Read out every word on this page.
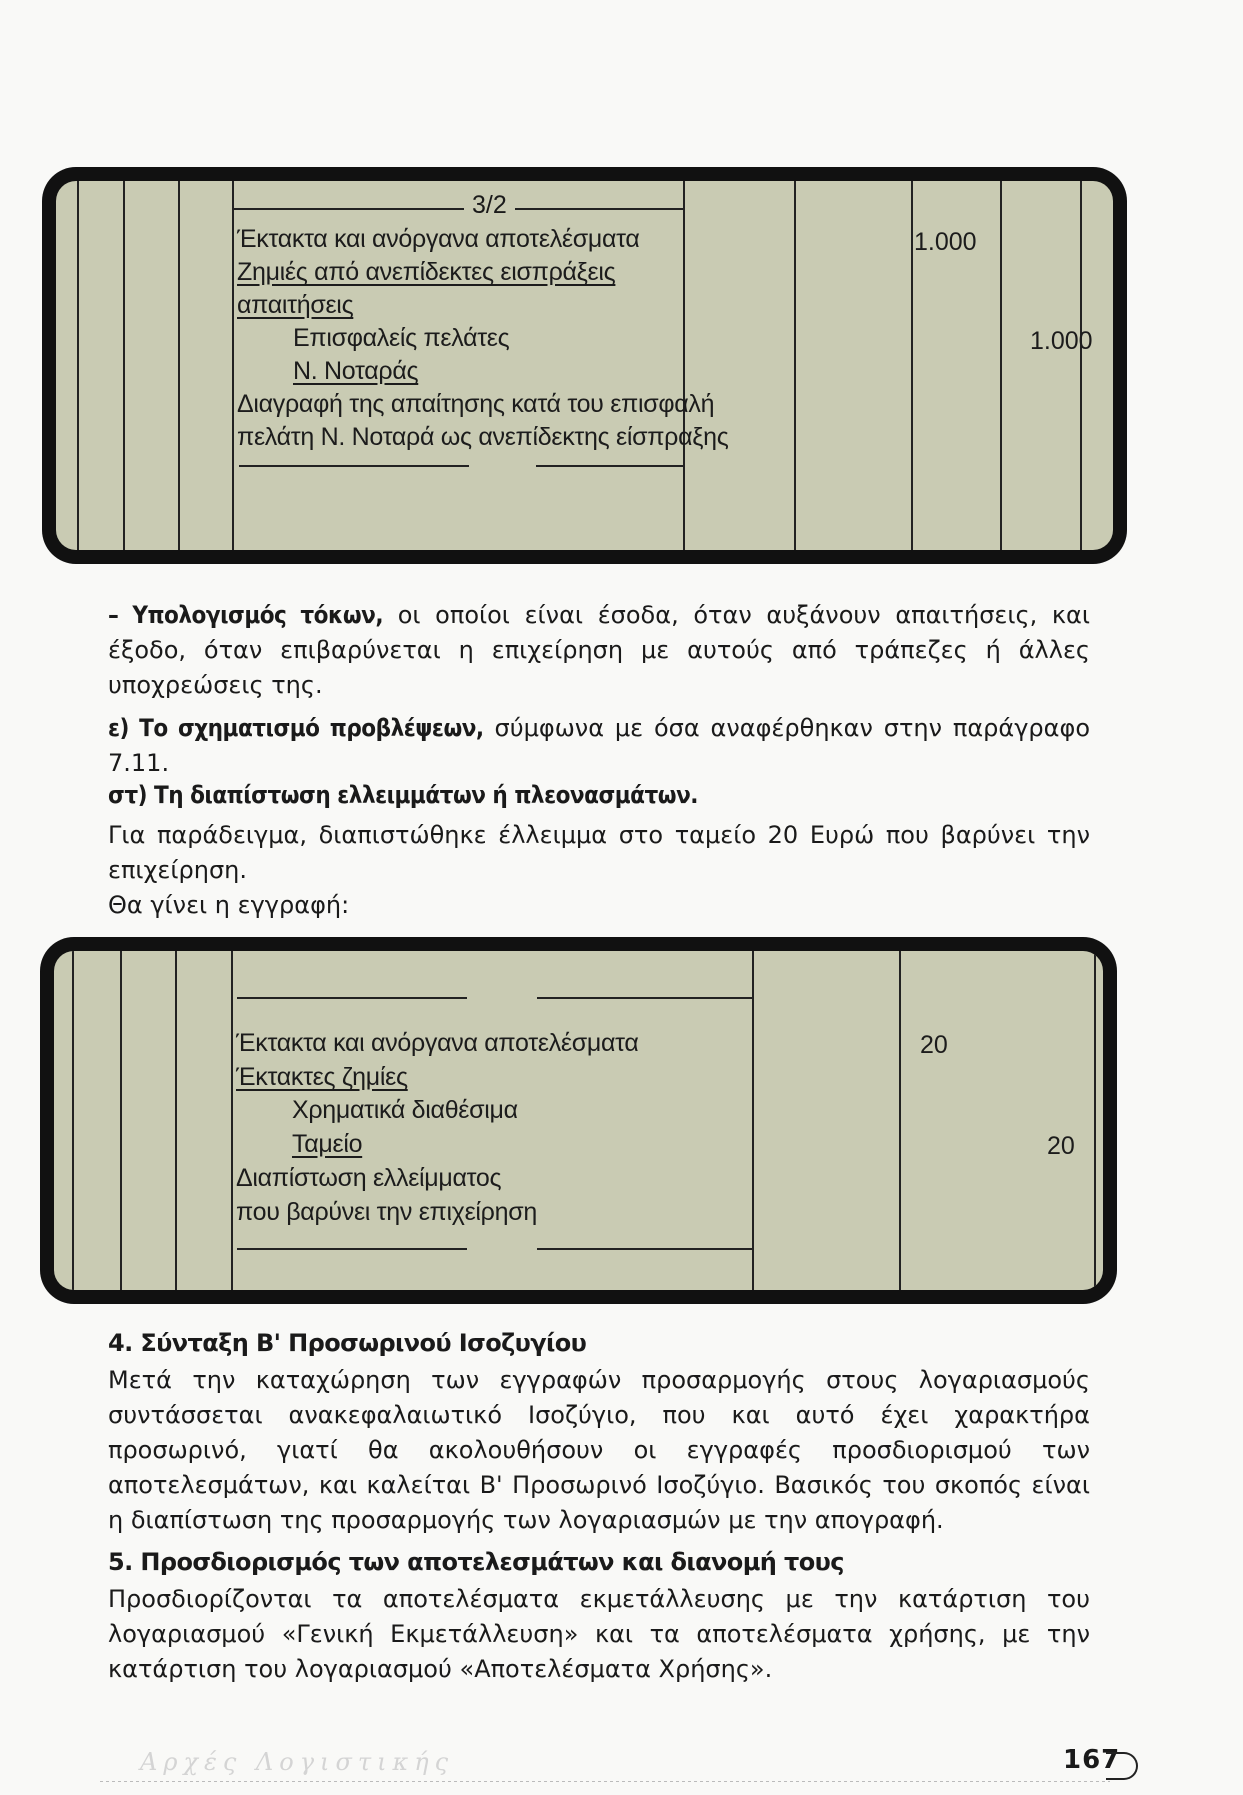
3/2
Έκτακτα και ανόργανα αποτελέσματα
Ζημιές από ανεπίδεκτες εισπράξεις
απαιτήσεις
Επισφαλείς πελάτες
Ν. Νοταράς
Διαγραφή της απαίτησης κατά του επισφαλή
πελάτη Ν. Νοταρά ως ανεπίδεκτης είσπραξης
1.000
1.000
– Υπολογισμός τόκων, οι οποίοι είναι έσοδα, όταν αυξάνουν απαιτήσεις, και έξοδο, όταν επιβαρύνεται η επιχείρηση με αυτούς από τράπεζες ή άλλες υποχρεώσεις της.
ε) Το σχηματισμό προβλέψεων, σύμφωνα με όσα αναφέρθηκαν στην παράγραφο 7.11.
στ) Τη διαπίστωση ελλειμμάτων ή πλεονασμάτων.
Για παράδειγμα, διαπιστώθηκε έλλειμμα στο ταμείο 20 Ευρώ που βαρύνει την επιχείρηση.
Θα γίνει η εγγραφή:
Έκτακτα και ανόργανα αποτελέσματα
Έκτακτες ζημίες
Χρηματικά διαθέσιμα
Ταμείο
Διαπίστωση ελλείμματος
που βαρύνει την επιχείρηση
20
20
4. Σύνταξη Β' Προσωρινού Ισοζυγίου
Μετά την καταχώρηση των εγγραφών προσαρμογής στους λογαριασμούς συντάσσεται ανακεφαλαιωτικό Ισοζύγιο, που και αυτό έχει χαρακτήρα προσωρινό, γιατί θα ακολουθήσουν οι εγγραφές προσδιορισμού των αποτελεσμάτων, και καλείται Β' Προσωρινό Ισοζύγιο. Βασικός του σκοπός είναι η διαπίστωση της προσαρμογής των λογαριασμών με την απογραφή.
5. Προσδιορισμός των αποτελεσμάτων και διανομή τους
Προσδιορίζονται τα αποτελέσματα εκμετάλλευσης με την κατάρτιση του λογαριασμού «Γενική Εκμετάλλευση» και τα αποτελέσματα χρήσης, με την κατάρτιση του λογαριασμού «Αποτελέσματα Χρήσης».
Αρχές Λογιστικής	167
